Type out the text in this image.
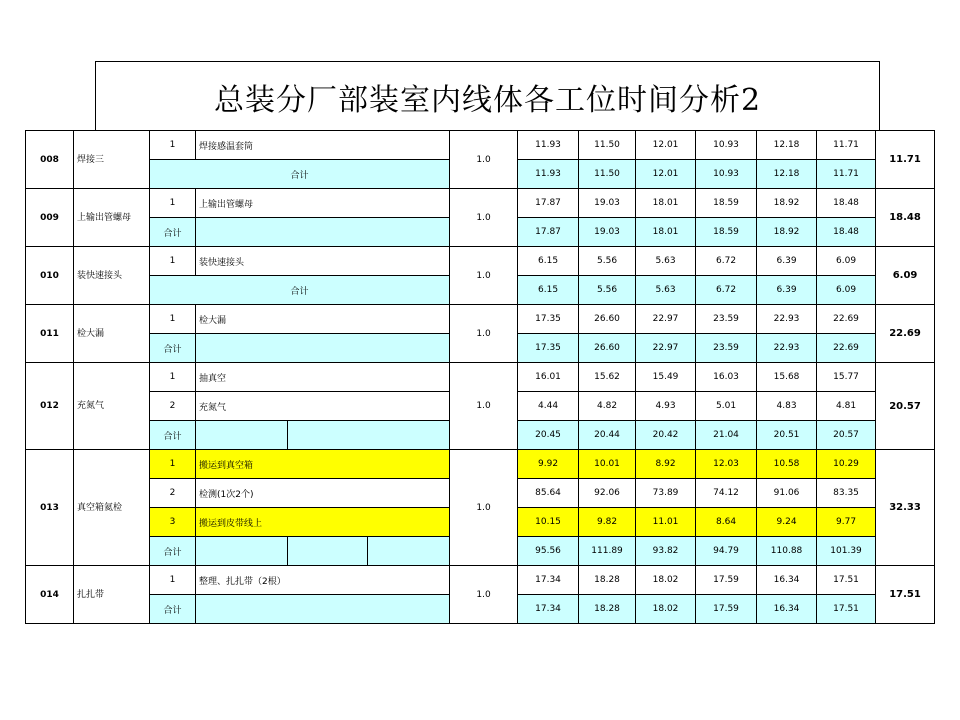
总装分厂部装室内线体各工位时间分析2
008	焊接三	1	焊接感温套筒			1.0	11.93	11.50	12.01	10.93	12.18	11.71	11.71
		合计					11.93	11.50	12.01	10.93	12.18	11.71	
009	上输出管螺母	1	上输出管螺母			1.0	17.87	19.03	18.01	18.59	18.92	18.48	18.48
		合计					17.87	19.03	18.01	18.59	18.92	18.48	
010	装快速接头	1	装快速接头			1.0	6.15	5.56	5.63	6.72	6.39	6.09	6.09
		合计					6.15	5.56	5.63	6.72	6.39	6.09	
011	检大漏	1	检大漏			1.0	17.35	26.60	22.97	23.59	22.93	22.69	22.69
		合计					17.35	26.60	22.97	23.59	22.93	22.69	
012	充氮气	1	抽真空			1.0	16.01	15.62	15.49	16.03	15.68	15.77	20.57
		2	充氮气				4.44	4.82	4.93	5.01	4.83	4.81	
		合计					20.45	20.44	20.42	21.04	20.51	20.57	
013	真空箱氦检	1	搬运到真空箱			1.0	9.92	10.01	8.92	12.03	10.58	10.29	32.33
		2	检测(1次2个)				85.64	92.06	73.89	74.12	91.06	83.35	
		3	搬运到皮带线上				10.15	9.82	11.01	8.64	9.24	9.77	
		合计					95.56	111.89	93.82	94.79	110.88	101.39	
014	扎扎带	1	整理、扎扎带（2根）			1.0	17.34	18.28	18.02	17.59	16.34	17.51	17.51
		合计					17.34	18.28	18.02	17.59	16.34	17.51	
